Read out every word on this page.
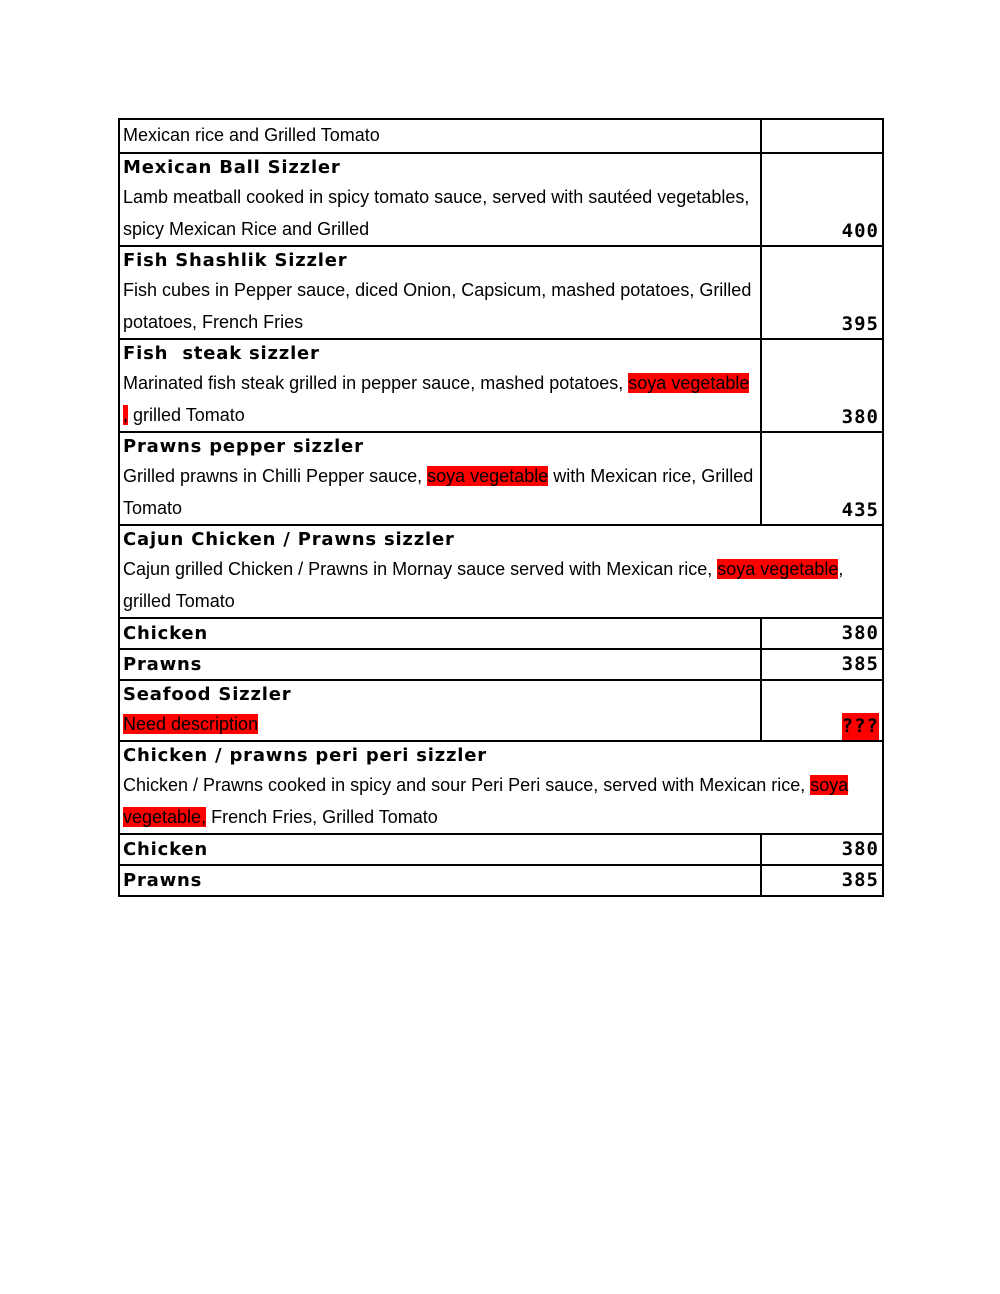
Mexican rice and Grilled Tomato	

Mexican Ball Sizzler
Lamb meatball cooked in spicy tomato sauce, served with sautéed vegetables, spicy Mexican Rice and Grilled	400

Fish Shashlik Sizzler
Fish cubes in Pepper sauce, diced Onion, Capsicum, mashed potatoes, Grilled potatoes, French Fries	395

Fish  steak sizzler
Marinated fish steak grilled in pepper sauce, mashed potatoes, soya vegetable , grilled Tomato	380

Prawns pepper sizzler
Grilled prawns in Chilli Pepper sauce, soya vegetable with Mexican rice, Grilled Tomato	435

Cajun Chicken / Prawns sizzler
Cajun grilled Chicken / Prawns in Mornay sauce served with Mexican rice, soya vegetable, grilled Tomato	

Chicken	380

Prawns	385

Seafood Sizzler
Need description	???

Chicken / prawns peri peri sizzler
Chicken / Prawns cooked in spicy and sour Peri Peri sauce, served with Mexican rice, soya vegetable, French Fries, Grilled Tomato	

Chicken	380

Prawns	385
